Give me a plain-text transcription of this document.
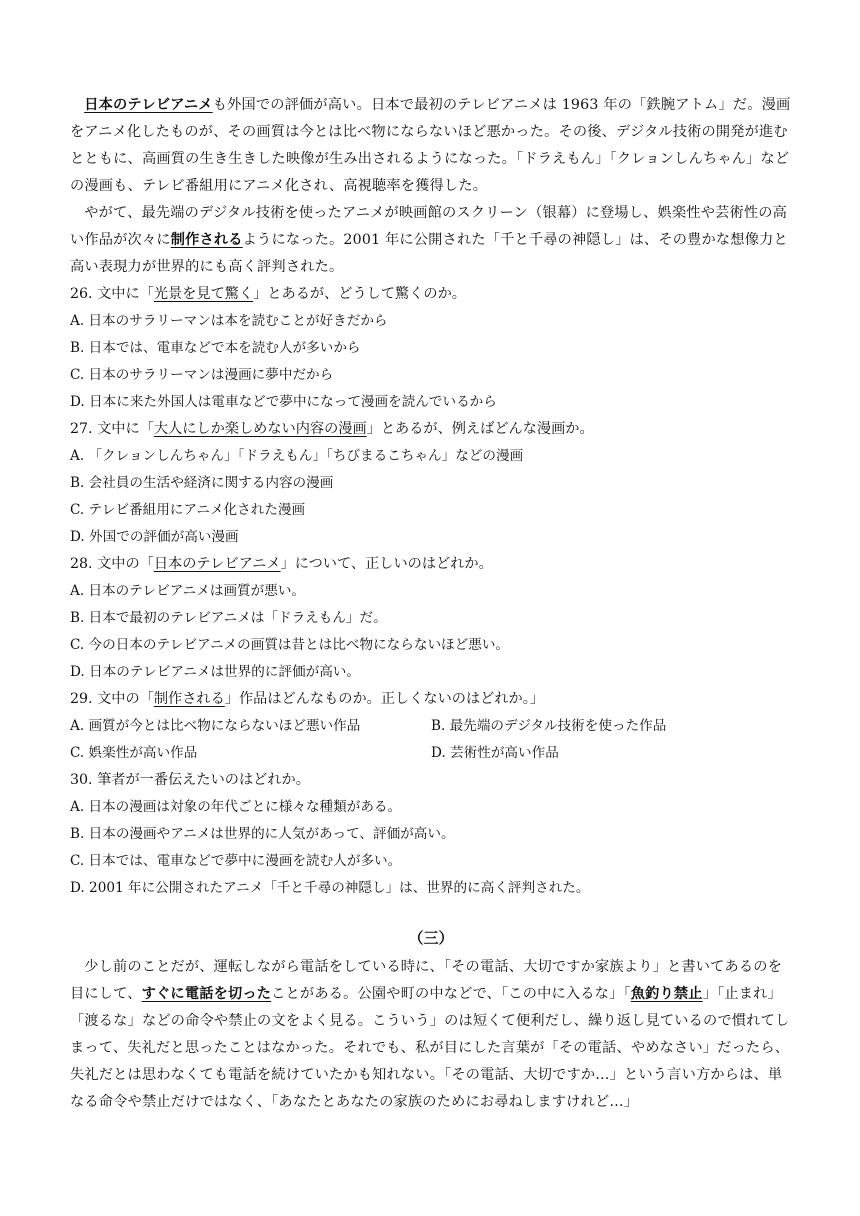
日本のテレビアニメも外国での評価が高い。日本で最初のテレビアニメは 1963 年の「鉄腕アトム」だ。漫画をアニメ化したものが、その画質は今とは比べ物にならないほど悪かった。その後、デジタル技術の開発が進むとともに、高画質の生き生きした映像が生み出されるようになった。「ドラえもん」「クレョンしんちゃん」などの漫画も、テレビ番組用にアニメ化され、高視聴率を獲得した。

やがて、最先端のデジタル技術を使ったアニメが映画館のスクリーン（银幕）に登場し、娯楽性や芸術性の高い作品が次々に制作されるようになった。2001 年に公開された「千と千尋の神隠し」は、その豊かな想像力と高い表現力が世界的にも高く評判された。

26. 文中に「光景を見て驚く」とあるが、どうして驚くのか。

A. 日本のサラリーマンは本を読むことが好きだから

B. 日本では、電車などで本を読む人が多いから

C. 日本のサラリーマンは漫画に夢中だから

D. 日本に来た外国人は電車などで夢中になって漫画を読んでいるから

27. 文中に「大人にしか楽しめない内容の漫画」とあるが、例えばどんな漫画か。

A. 「クレョンしんちゃん」「ドラえもん」「ちびまるこちゃん」などの漫画

B. 会社員の生活や経済に関する内容の漫画

C. テレビ番組用にアニメ化された漫画

D. 外国での評価が高い漫画

28. 文中の「日本のテレビアニメ」について、正しいのはどれか。

A. 日本のテレビアニメは画質が悪い。

B. 日本で最初のテレビアニメは「ドラえもん」だ。

C. 今の日本のテレビアニメの画質は昔とは比べ物にならないほど悪い。

D. 日本のテレビアニメは世界的に評価が高い。

29. 文中の「制作される」作品はどんなものか。正しくないのはどれか。」

A. 画質が今とは比べ物にならないほど悪い作品	B. 最先端のデジタル技術を使った作品
C. 娯楽性が高い作品	D. 芸術性が高い作品

30. 筆者が一番伝えたいのはどれか。

A. 日本の漫画は対象の年代ごとに様々な種類がある。

B. 日本の漫画やアニメは世界的に人気があって、評価が高い。

C. 日本では、電車などで夢中に漫画を読む人が多い。

D. 2001 年に公開されたアニメ「千と千尋の神隠し」は、世界的に高く評判された。

（三）

少し前のことだが、運転しながら電話をしている時に、「その電話、大切ですか家族より」と書いてあるのを目にして、すぐに電話を切ったことがある。公園や町の中などで、「この中に入るな」「魚釣り禁止」「止まれ」「渡るな」などの命令や禁止の文をよく見る。こういう」のは短くて便利だし、繰り返し見ているので慣れてしまって、失礼だと思ったことはなかった。それでも、私が目にした言葉が「その電話、やめなさい」だったら、失礼だとは思わなくても電話を続けていたかも知れない。「その電話、大切ですか…」という言い方からは、単なる命令や禁止だけではなく、「あなたとあなたの家族のためにお尋ねしますけれど…」
